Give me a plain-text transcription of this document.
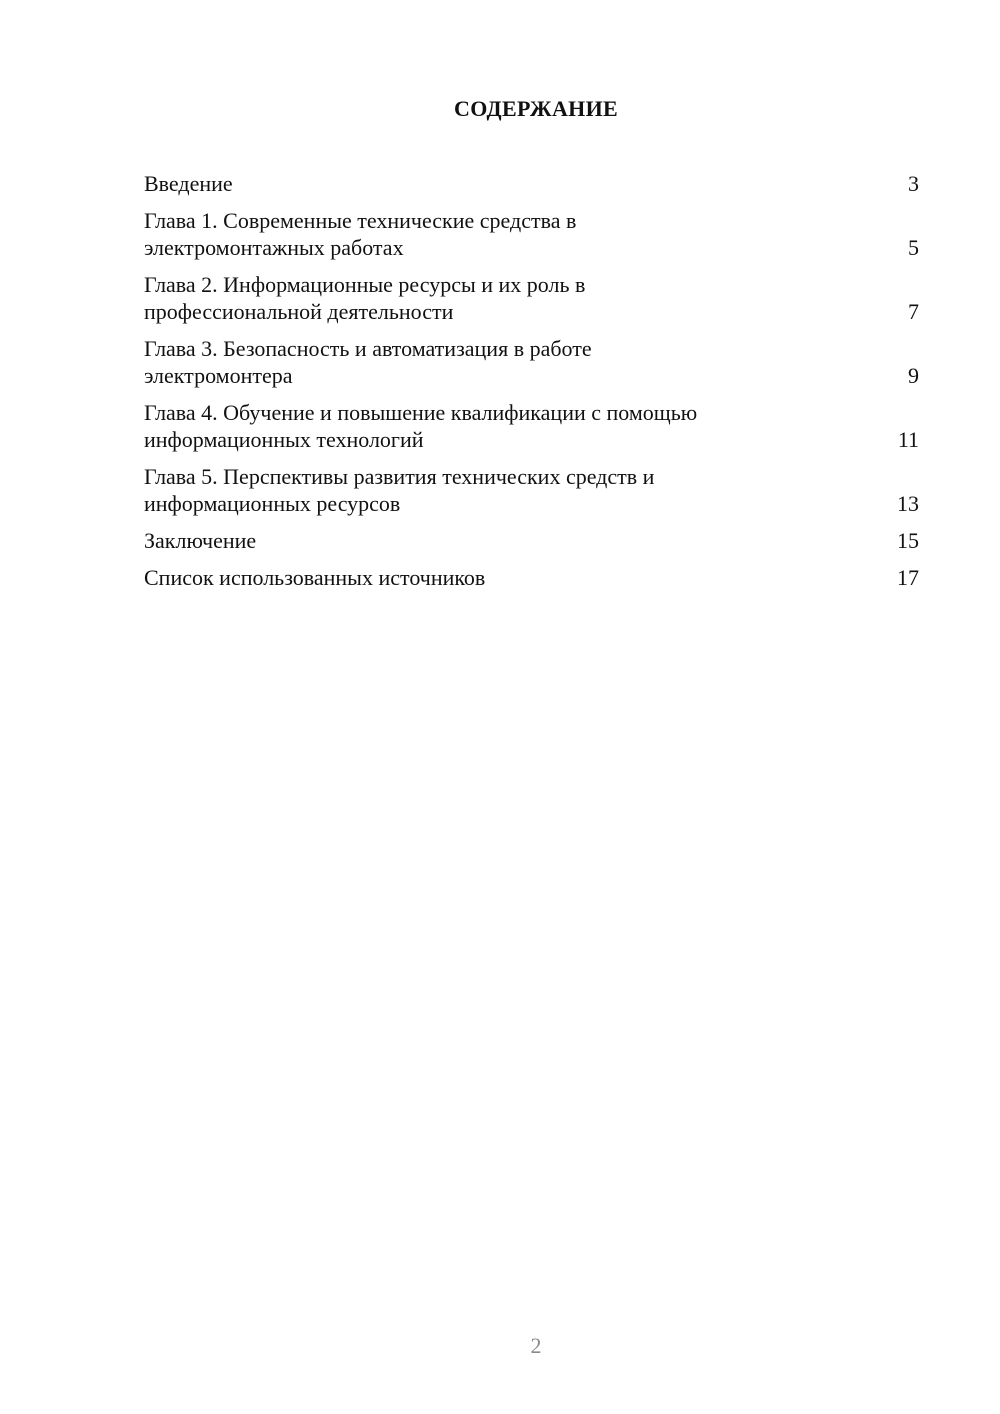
СОДЕРЖАНИЕ
Введение	3
Глава 1. Современные технические средства в
электромонтажных работах	5
Глава 2. Информационные ресурсы и их роль в
профессиональной деятельности	7
Глава 3. Безопасность и автоматизация в работе
электромонтера	9
Глава 4. Обучение и повышение квалификации с помощью
информационных технологий	11
Глава 5. Перспективы развития технических средств и
информационных ресурсов	13
Заключение	15
Список использованных источников	17
2
